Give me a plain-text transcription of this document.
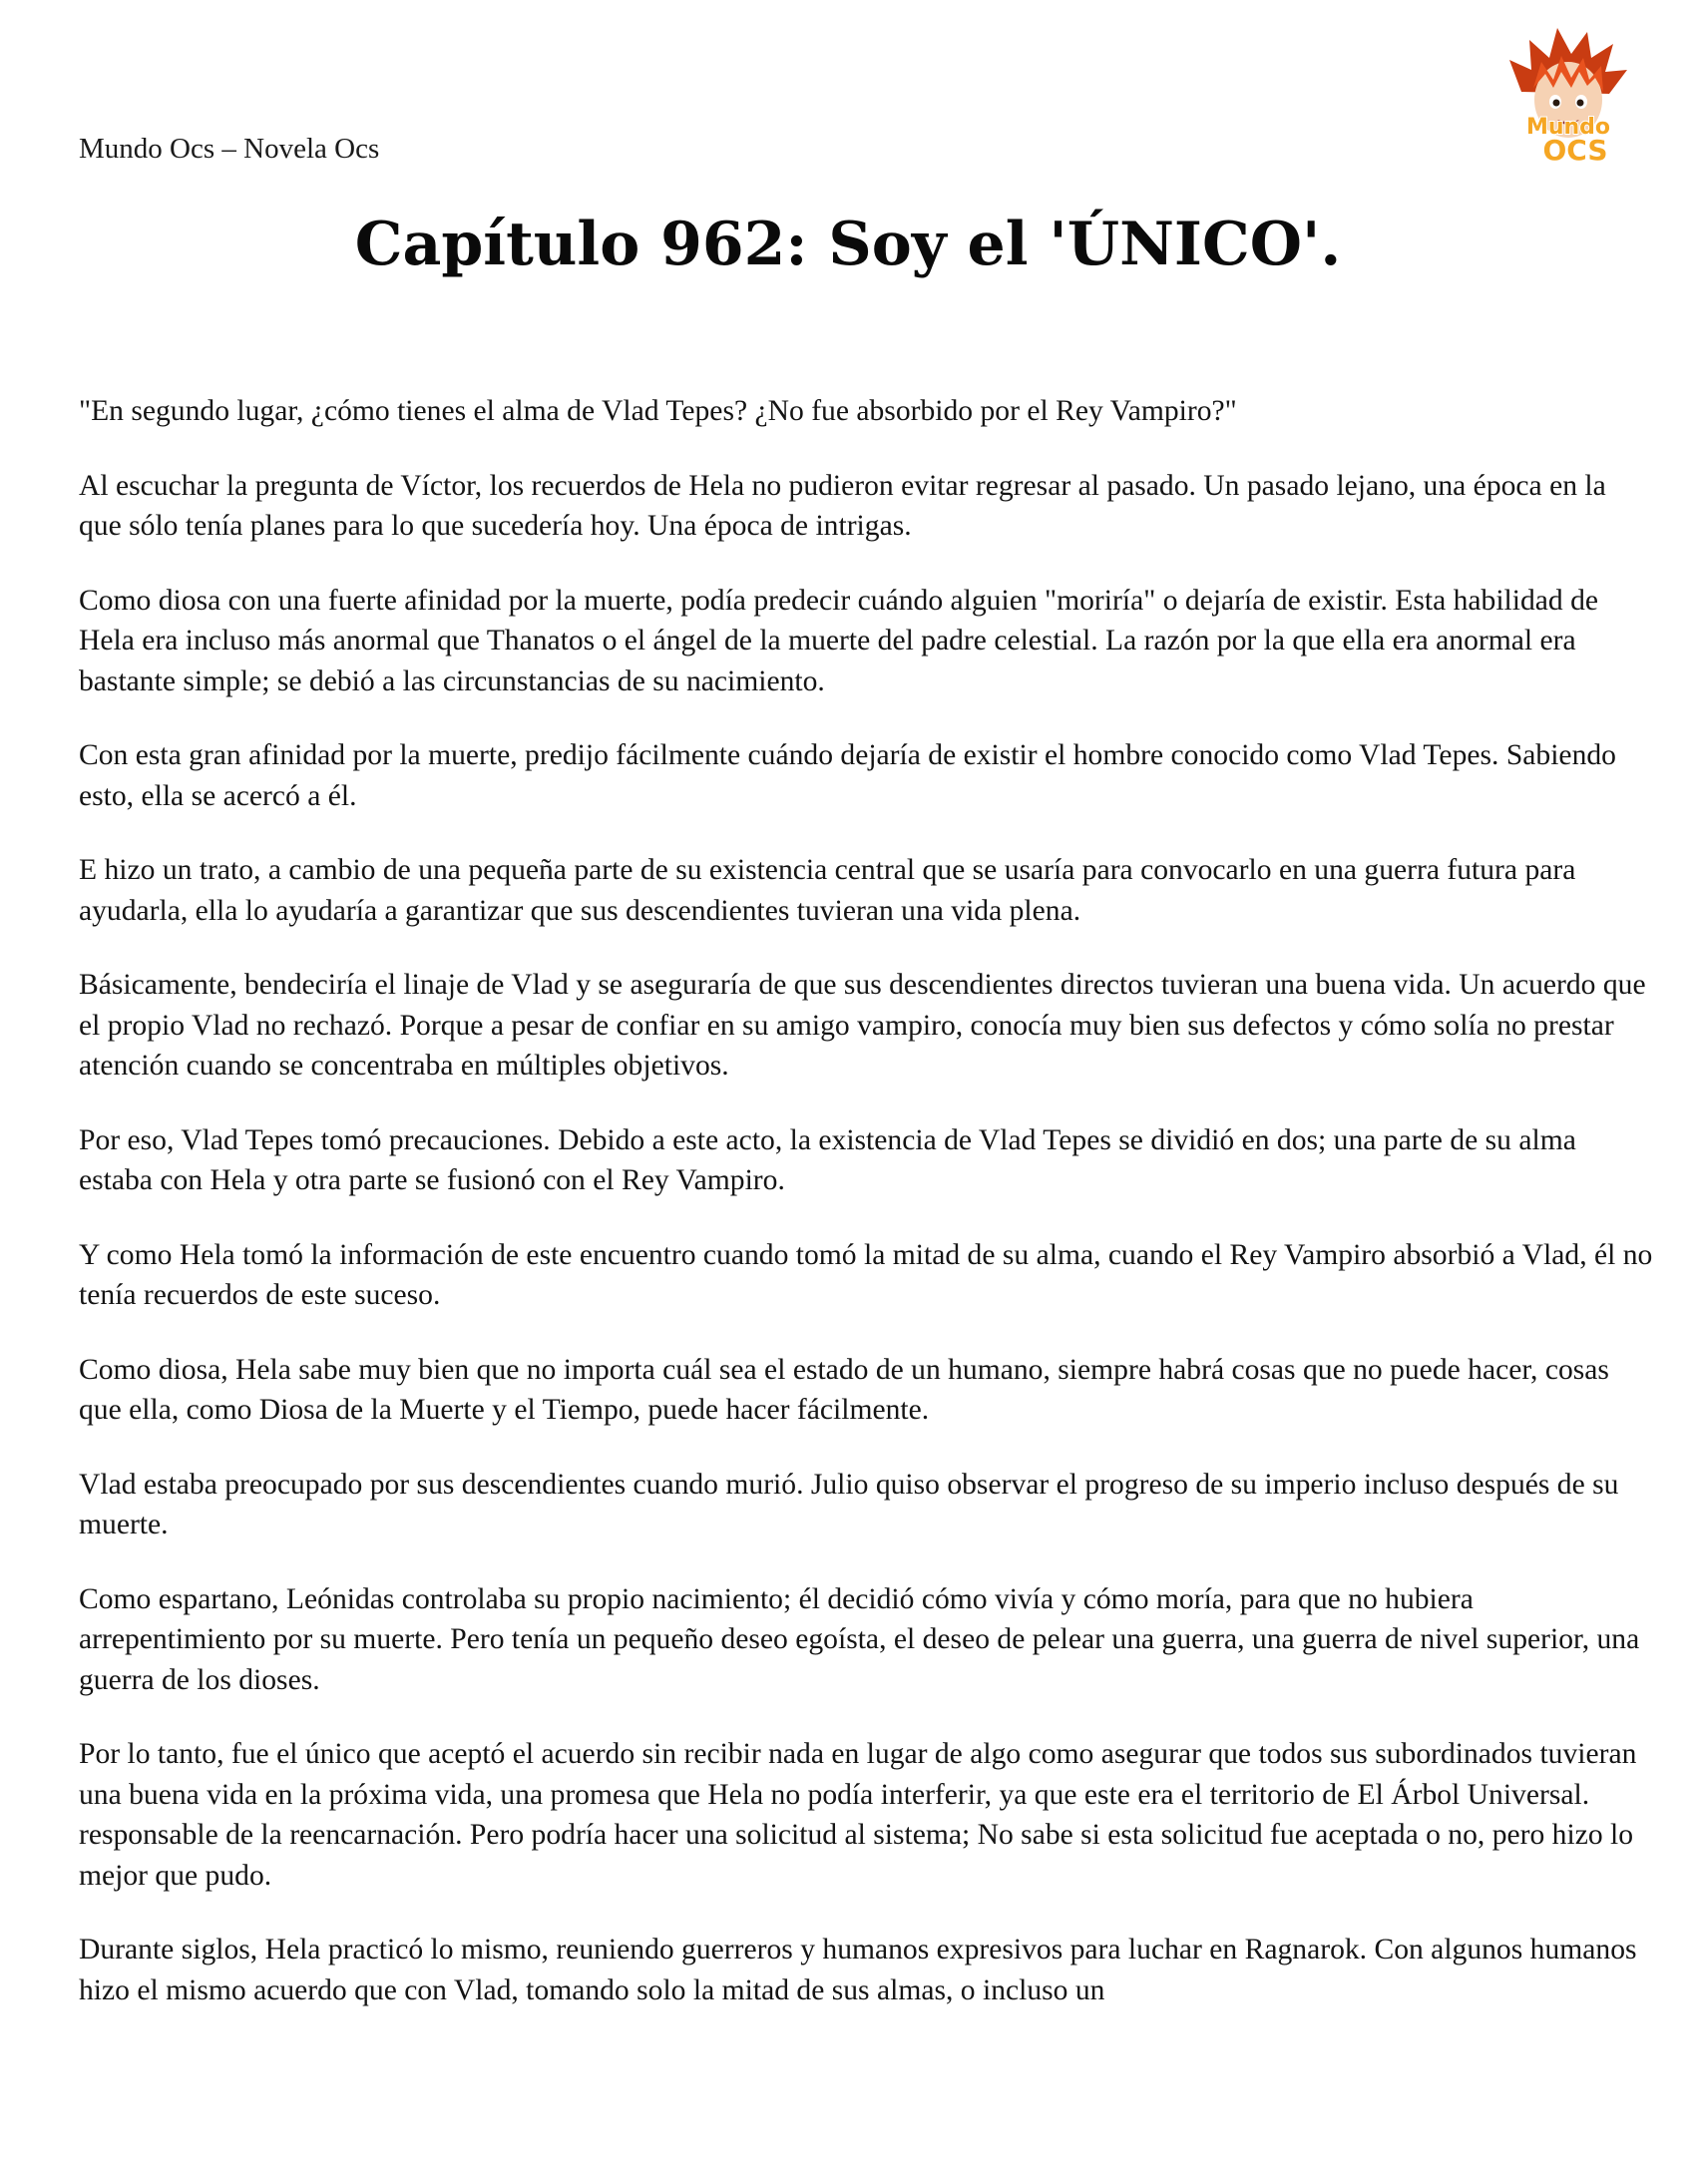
Mundo Ocs – Novela Ocs
Mundo
OCS
Capítulo 962: Soy el 'ÚNICO'.

"En segundo lugar, ¿cómo tienes el alma de Vlad Tepes? ¿No fue absorbido por el Rey Vampiro?"

Al escuchar la pregunta de Víctor, los recuerdos de Hela no pudieron evitar regresar al pasado. Un pasado lejano, una época en la que sólo tenía planes para lo que sucedería hoy. Una época de intrigas.

Como diosa con una fuerte afinidad por la muerte, podía predecir cuándo alguien "moriría" o dejaría de existir. Esta habilidad de Hela era incluso más anormal que Thanatos o el ángel de la muerte del padre celestial. La razón por la que ella era anormal era bastante simple; se debió a las circunstancias de su nacimiento.

Con esta gran afinidad por la muerte, predijo fácilmente cuándo dejaría de existir el hombre conocido como Vlad Tepes. Sabiendo esto, ella se acercó a él.

E hizo un trato, a cambio de una pequeña parte de su existencia central que se usaría para convocarlo en una guerra futura para ayudarla, ella lo ayudaría a garantizar que sus descendientes tuvieran una vida plena.

Básicamente, bendeciría el linaje de Vlad y se aseguraría de que sus descendientes directos tuvieran una buena vida. Un acuerdo que el propio Vlad no rechazó. Porque a pesar de confiar en su amigo vampiro, conocía muy bien sus defectos y cómo solía no prestar atención cuando se concentraba en múltiples objetivos.

Por eso, Vlad Tepes tomó precauciones. Debido a este acto, la existencia de Vlad Tepes se dividió en dos; una parte de su alma estaba con Hela y otra parte se fusionó con el Rey Vampiro.

Y como Hela tomó la información de este encuentro cuando tomó la mitad de su alma, cuando el Rey Vampiro absorbió a Vlad, él no tenía recuerdos de este suceso.

Como diosa, Hela sabe muy bien que no importa cuál sea el estado de un humano, siempre habrá cosas que no puede hacer, cosas que ella, como Diosa de la Muerte y el Tiempo, puede hacer fácilmente.

Vlad estaba preocupado por sus descendientes cuando murió. Julio quiso observar el progreso de su imperio incluso después de su muerte.

Como espartano, Leónidas controlaba su propio nacimiento; él decidió cómo vivía y cómo moría, para que no hubiera arrepentimiento por su muerte. Pero tenía un pequeño deseo egoísta, el deseo de pelear una guerra, una guerra de nivel superior, una guerra de los dioses.

Por lo tanto, fue el único que aceptó el acuerdo sin recibir nada en lugar de algo como asegurar que todos sus subordinados tuvieran una buena vida en la próxima vida, una promesa que Hela no podía interferir, ya que este era el territorio de El Árbol Universal. responsable de la reencarnación. Pero podría hacer una solicitud al sistema; No sabe si esta solicitud fue aceptada o no, pero hizo lo mejor que pudo.

Durante siglos, Hela practicó lo mismo, reuniendo guerreros y humanos expresivos para luchar en Ragnarok. Con algunos humanos hizo el mismo acuerdo que con Vlad, tomando solo la mitad de sus almas, o incluso un
